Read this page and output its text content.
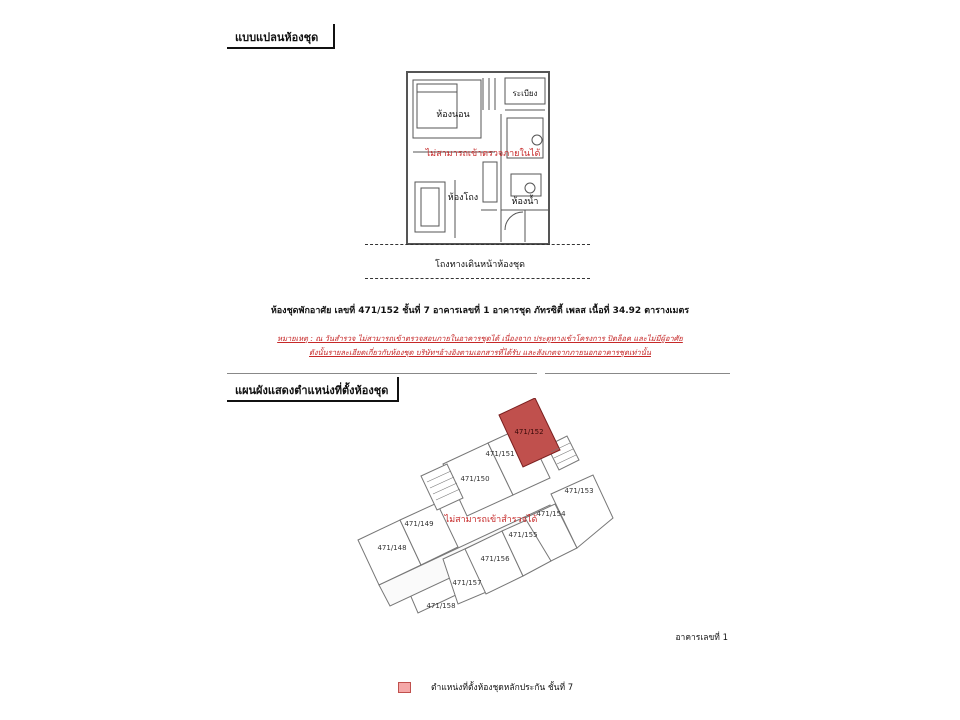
แบบแปลนห้องชุด
ห้องนอน
ระเบียง
ไม่สามารถเข้าตรวจภายในได้
ห้องโถง	ห้องน้ำ
โถงทางเดินหน้าห้องชุด
ห้องชุดพักอาศัย เลขที่ 471/152 ชั้นที่ 7 อาคารเลขที่ 1 อาคารชุด ภัทรซิตี้ เพลส เนื้อที่ 34.92 ตารางเมตร
หมายเหตุ : ณ วันสำรวจ ไม่สามารถเข้าตรวจสอบภายในอาคารชุดได้ เนื่องจาก ประตูทางเข้าโครงการ ปิดล็อค และไม่มีผู้อาศัย
ดังนั้นรายละเอียดเกี่ยวกับห้องชุด บริษัทฯอ้างอิงตามเอกสารที่ได้รับ และสังเกตจากภายนอกอาคารชุดเท่านั้น
แผนผังแสดงตำแหน่งที่ตั้งห้องชุด
471/152
471/151
471/150
471/149
471/148
471/153
471/154
471/155
471/156
471/157
471/158
ไม่สามารถเข้าสำรวจได้
อาคารเลขที่ 1
ตำแหน่งที่ตั้งห้องชุดหลักประกัน ชั้นที่ 7
